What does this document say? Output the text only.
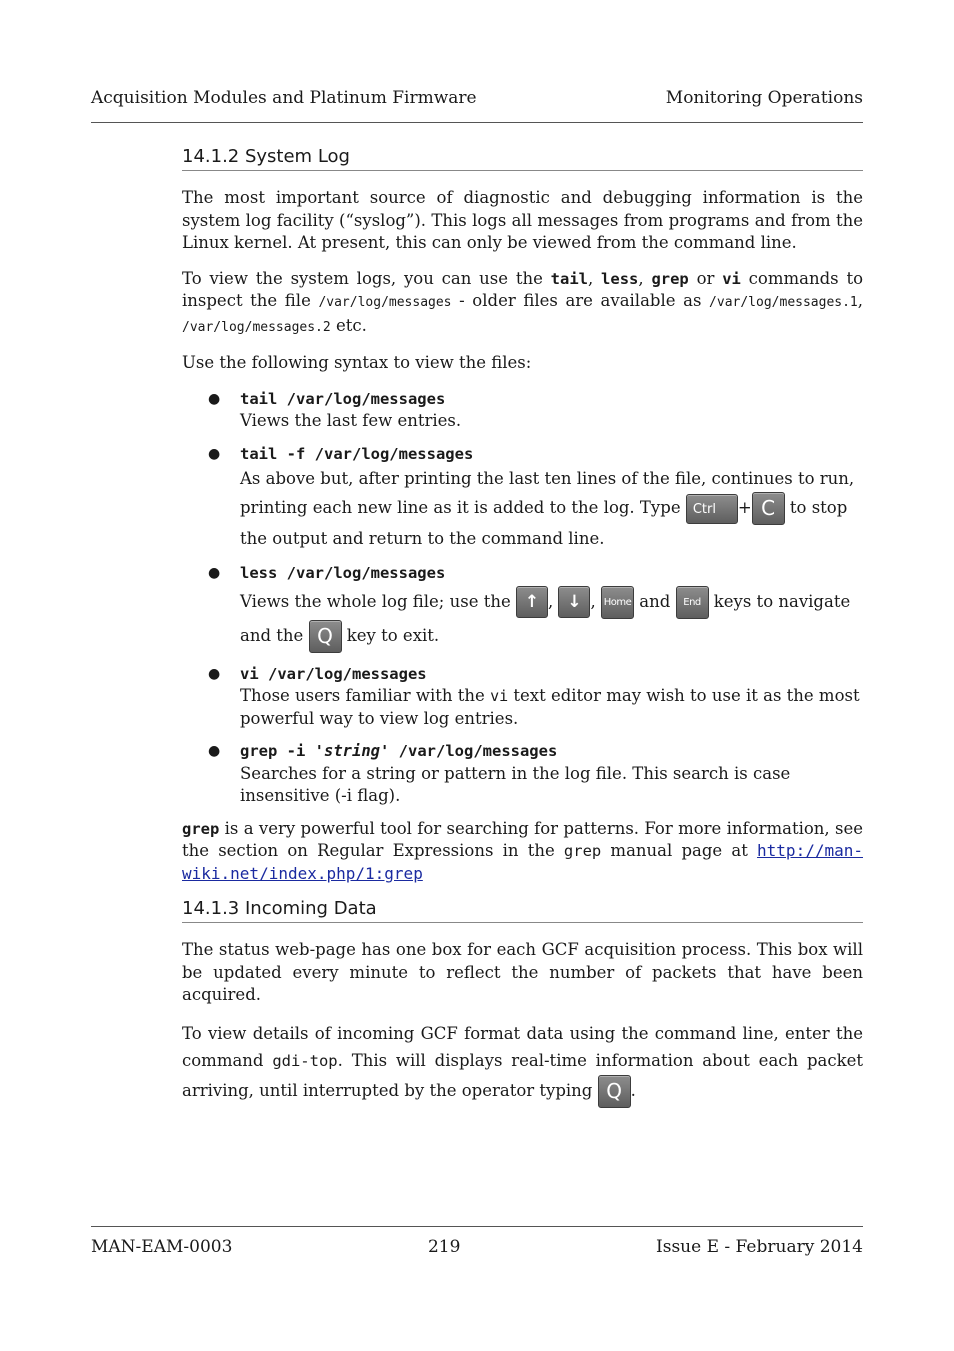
Acquisition Modules and Platinum Firmware	Monitoring Operations
14.1.2 System Log

The most important source of diagnostic and debugging information is the system log facility (“syslog”). This logs all messages from programs and from the Linux kernel. At present, this can only be viewed from the command line.

To view the system logs, you can use the tail, less, grep or vi commands to inspect the file /var/log/messages - older files are available as /var/log/messages.1, /var/log/messages.2 etc.

Use the following syntax to view the files:

● tail /var/log/messages
Views the last few entries.
● tail -f /var/log/messages
As above but, after printing the last ten lines of the file, continues to run, printing each new line as it is added to the log. Type Ctrl + C to stop the output and return to the command line.
● less /var/log/messages
Views the whole log file; use the ↑ , ↓ , Home and End keys to navigate and the Q key to exit.
● vi /var/log/messages
Those users familiar with the vi text editor may wish to use it as the most powerful way to view log entries.
● grep -i 'string' /var/log/messages
Searches for a string or pattern in the log file. This search is case insensitive (-i flag).

grep is a very powerful tool for searching for patterns. For more information, see the section on Regular Expressions in the grep manual page at http://man-wiki.net/index.php/1:grep

14.1.3 Incoming Data

The status web-page has one box for each GCF acquisition process. This box will be updated every minute to reflect the number of packets that have been acquired.

To view details of incoming GCF format data using the command line, enter the command gdi-top. This will displays real-time information about each packet arriving, until interrupted by the operator typing Q .

MAN-EAM-0003	219	Issue E - February 2014
